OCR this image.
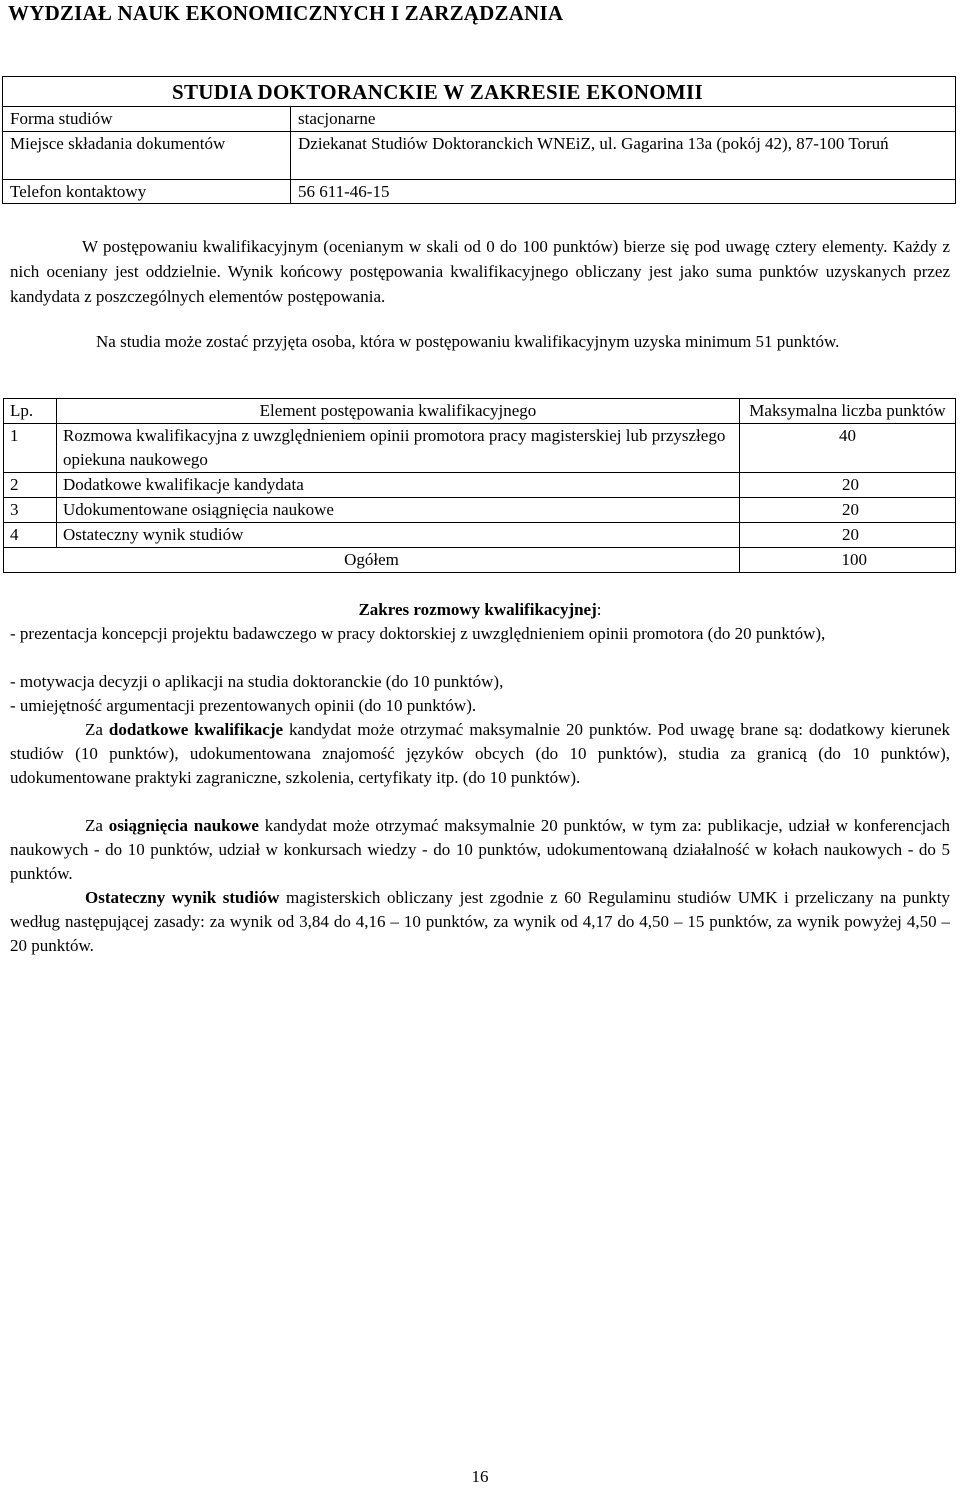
WYDZIAŁ NAUK EKONOMICZNYCH I ZARZĄDZANIA
STUDIA DOKTORANCKIE W ZAKRESIE EKONOMII

Forma studiów	stacjonarne

Miejsce składania dokumentów	Dziekanat Studiów Doktoranckich WNEiZ, ul. Gagarina 13a (pokój 42), 87-100 Toruń

Telefon kontaktowy	56 611-46-15

W postępowaniu kwalifikacyjnym (ocenianym w skali od 0 do 100 punktów) bierze się pod uwagę cztery elementy. Każdy z nich oceniany jest oddzielnie. Wynik końcowy postępowania kwalifikacyjnego obliczany jest jako suma punktów uzyskanych przez kandydata z poszczególnych elementów postępowania.

Na studia może zostać przyjęta osoba, która w postępowaniu kwalifikacyjnym uzyska minimum 51 punktów.

Lp.	Element postępowania kwalifikacyjnego	Maksymalna liczba punktów
1	Rozmowa kwalifikacyjna z uwzględnieniem opinii promotora pracy magisterskiej lub przyszłego opiekuna naukowego	40
2	Dodatkowe kwalifikacje kandydata	20
3	Udokumentowane osiągnięcia naukowe	20
4	Ostateczny wynik studiów	20
Ogółem		100

Zakres rozmowy kwalifikacyjnej:

- prezentacja koncepcji projektu badawczego w pracy doktorskiej z uwzględnieniem opinii promotora (do 20 punktów),

- motywacja decyzji o aplikacji na studia doktoranckie (do 10 punktów),

- umiejętność argumentacji prezentowanych opinii (do 10 punktów).

Za dodatkowe kwalifikacje kandydat może otrzymać maksymalnie 20 punktów. Pod uwagę brane są: dodatkowy kierunek studiów (10 punktów), udokumentowana znajomość języków obcych (do 10 punktów), studia za granicą (do 10 punktów), udokumentowane praktyki zagraniczne, szkolenia, certyfikaty itp. (do 10 punktów).

Za osiągnięcia naukowe kandydat może otrzymać maksymalnie 20 punktów, w tym za: publikacje, udział w konferencjach naukowych - do 10 punktów, udział w konkursach wiedzy - do 10 punktów, udokumentowaną działalność w kołach naukowych - do 5 punktów.

Ostateczny wynik studiów magisterskich obliczany jest zgodnie z 60 Regulaminu studiów UMK i przeliczany na punkty według następującej zasady: za wynik od 3,84 do 4,16 – 10 punktów, za wynik od 4,17 do 4,50 – 15 punktów, za wynik powyżej 4,50 – 20 punktów.

16
